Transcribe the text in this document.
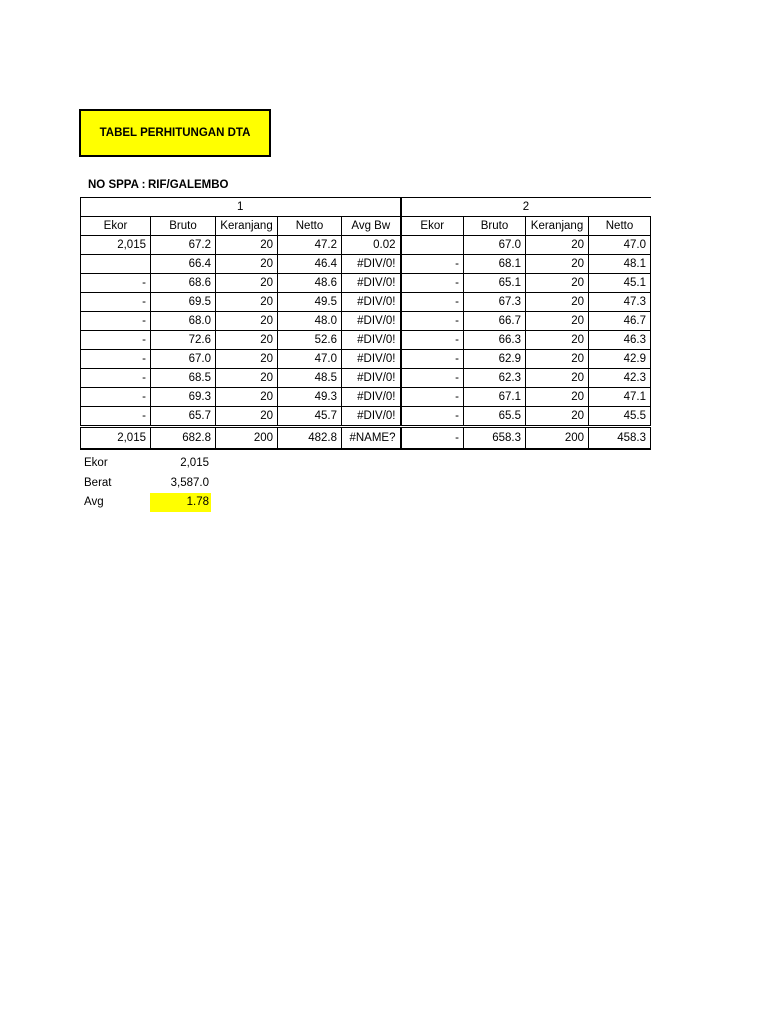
TABEL PERHITUNGAN DTA
NO SPPA : RIF/GALEMBO
1					2			
Ekor	Bruto	Keranjang	Netto	Avg Bw	Ekor	Bruto	Keranjang	Netto
2,015	67.2	20	47.2	0.02		67.0	20	47.0
	66.4	20	46.4	#DIV/0!	-	68.1	20	48.1
-	68.6	20	48.6	#DIV/0!	-	65.1	20	45.1
-	69.5	20	49.5	#DIV/0!	-	67.3	20	47.3
-	68.0	20	48.0	#DIV/0!	-	66.7	20	46.7
-	72.6	20	52.6	#DIV/0!	-	66.3	20	46.3
-	67.0	20	47.0	#DIV/0!	-	62.9	20	42.9
-	68.5	20	48.5	#DIV/0!	-	62.3	20	42.3
-	69.3	20	49.3	#DIV/0!	-	67.1	20	47.1
-	65.7	20	45.7	#DIV/0!	-	65.5	20	45.5
2,015	682.8	200	482.8	#NAME?	-	658.3	200	458.3
Ekor	2,015
Berat	3,587.0
Avg	1.78
